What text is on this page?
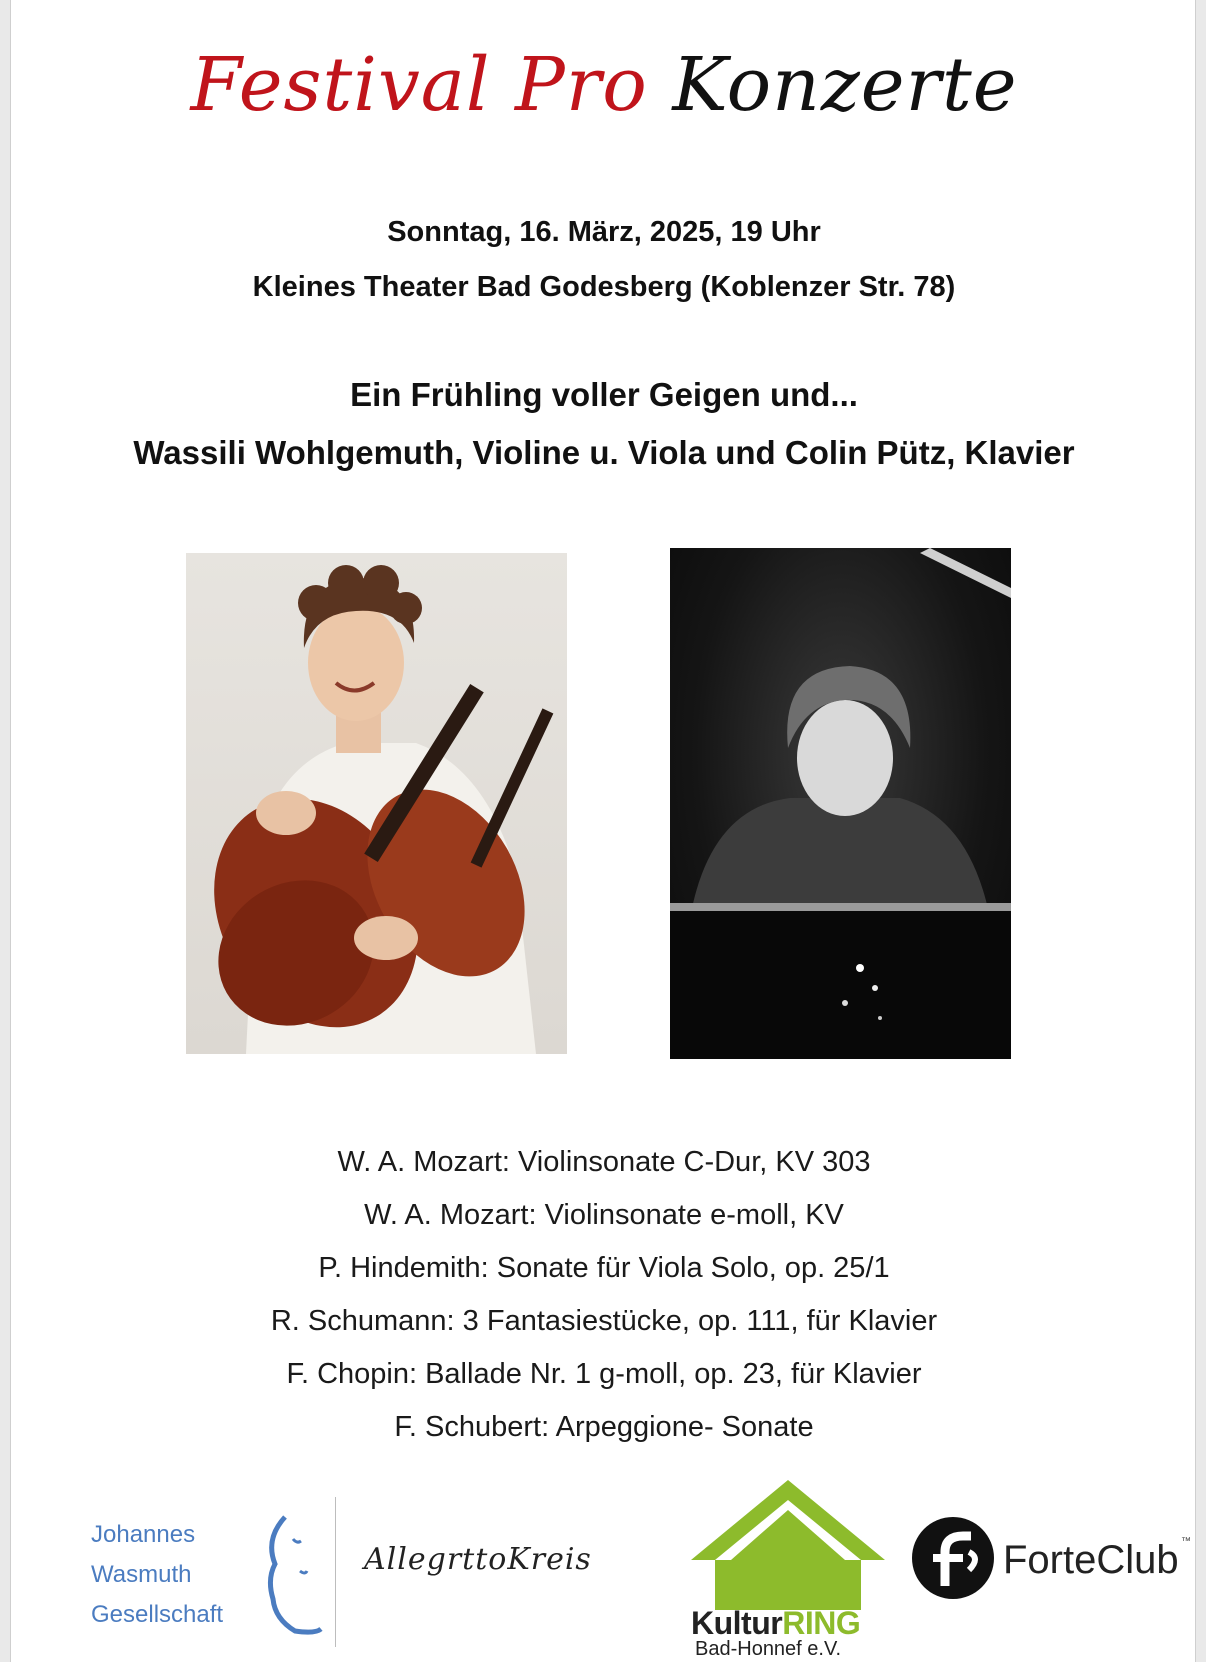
Festival Pro Konzerte
Sonntag, 16. März, 2025, 19 Uhr
Kleines Theater Bad Godesberg (Koblenzer Str. 78)
Ein Frühling voller Geigen und...
Wassili Wohlgemuth, Violine u. Viola und Colin Pütz, Klavier
W. A. Mozart: Violinsonate C-Dur, KV 303
W. A. Mozart: Violinsonate e-moll, KV
P. Hindemith: Sonate für Viola Solo, op. 25/1
R. Schumann: 3 Fantasiestücke, op. 111, für Klavier
F. Chopin: Ballade Nr. 1 g-moll, op. 23, für Klavier
F. Schubert: Arpeggione- Sonate
Johannes
Wasmuth
Gesellschaft
AllegrttoKreis
KulturRING
Bad-Honnef e.V.
ForteClub ™
